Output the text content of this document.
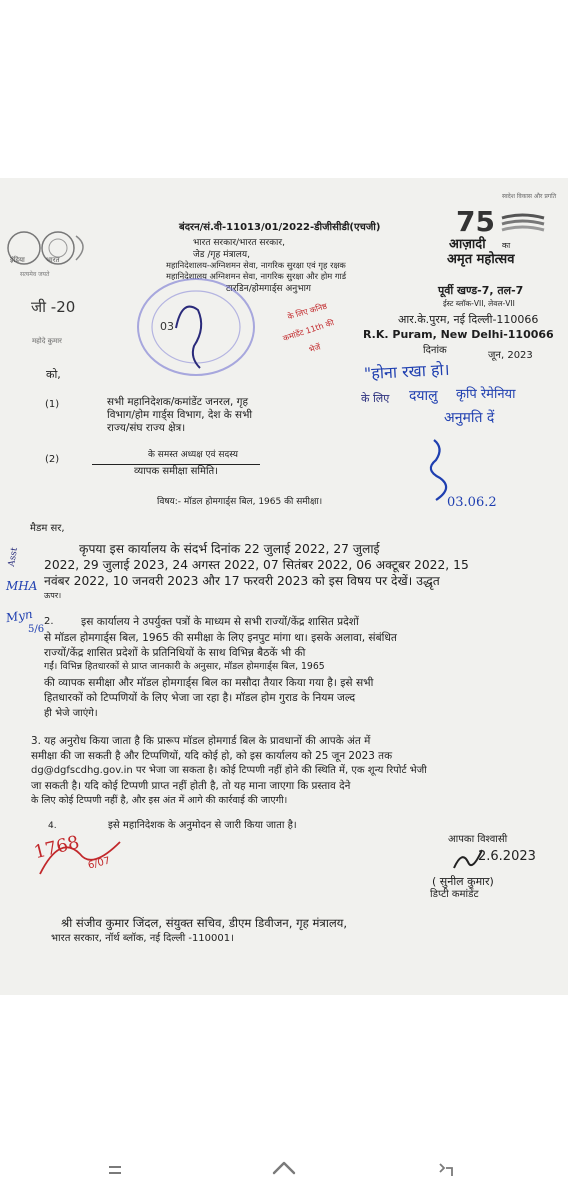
इंडिया	भारत
सत्यमेव जयते
जी -20
महोदे कुमार
को,
बंदरन/सं.वी-11013/01/2022-डीजीसीडी(एचजी)
भारत सरकार/भारत सरकार,
जेड /गृह मंत्रालय,
महानिदेशालय-अग्निशमन सेवा, नागरिक सुरक्षा एवं गृह रक्षक
महानिदेशालय अग्निशमन सेवा, नागरिक सुरक्षा और होम गार्ड
टारडिन/होमगार्ड्स अनुभाग
स्वदेश विकास और प्रगति
75
आज़ादी का
अमृत महोत्सव
पूर्वी खण्ड-7, तल-7
ईस्ट ब्लॉक-VII, लेवल-VII
आर.के.पुरम, नई दिल्ली-110066
R.K. Puram, New Delhi-110066
दिनांक	जून, 2023
03
के लिए कनिष्ठ
कमांडेंट 11th की
भेजें
"होना रखा हो।
के लिए दयालु कृपि रेमेनिया
अनुमति दें
03.06.2
(1)	सभी महानिदेशक/कमांडेंट जनरल, गृह
विभाग/होम गार्ड्स विभाग, देश के सभी
राज्य/संघ राज्य क्षेत्र।
(2)	के समस्त अध्यक्ष एवं सदस्य
व्यापक समीक्षा समिति।
विषय:- मॉडल होमगार्ड्स बिल, 1965 की समीक्षा।
मैडम सर,
कृपया इस कार्यालय के संदर्भ दिनांक 22 जुलाई 2022, 27 जुलाई
2022, 29 जुलाई 2023, 24 अगस्त 2022, 07 सितंबर 2022, 06 अक्टूबर 2022, 15
नवंबर 2022, 10 जनवरी 2023 और 17 फरवरी 2023 को इस विषय पर देखें। उद्धृत
ऊपर।
Asst
MHA
Myn
5/6
2.	इस कार्यालय ने उपर्युक्त पत्रों के माध्यम से सभी राज्यों/केंद्र शासित प्रदेशों
से मॉडल होमगार्ड्स बिल, 1965 की समीक्षा के लिए इनपुट मांगा था। इसके अलावा, संबंधित
राज्यों/केंद्र शासित प्रदेशों के प्रतिनिधियों के साथ विभिन्न बैठकें भी की
गईं। विभिन्न हितधारकों से प्राप्त जानकारी के अनुसार, मॉडल होमगार्ड्स बिल, 1965
की व्यापक समीक्षा और मॉडल होमगार्ड्स बिल का मसौदा तैयार किया गया है। इसे सभी
हितधारकों को टिप्पणियों के लिए भेजा जा रहा है। मॉडल होम गुराड के नियम जल्द
ही भेजे जाएंगे।
3. यह अनुरोध किया जाता है कि प्रारूप मॉडल होमगार्ड बिल के प्रावधानों की आपके अंत में
समीक्षा की जा सकती है और टिप्पणियों, यदि कोई हो, को इस कार्यालय को 25 जून 2023 तक
dg@dgfscdhg.gov.in पर भेजा जा सकता है। कोई टिप्पणी नहीं होने की स्थिति में, एक शून्य रिपोर्ट भेजी
जा सकती है। यदि कोई टिप्पणी प्राप्त नहीं होती है, तो यह माना जाएगा कि प्रस्ताव देने
के लिए कोई टिप्पणी नहीं है, और इस अंत में आगे की कार्रवाई की जाएगी।
4.	इसे महानिदेशक के अनुमोदन से जारी किया जाता है।
आपका विश्वासी
2.6.2023
( सुनील कुमार)
डिप्टी कमांडेंट
1768
6/07
श्री संजीव कुमार जिंदल, संयुक्त सचिव, डीएम डिवीजन, गृह मंत्रालय,
भारत सरकार, नॉर्थ ब्लॉक, नई दिल्ली -110001।
